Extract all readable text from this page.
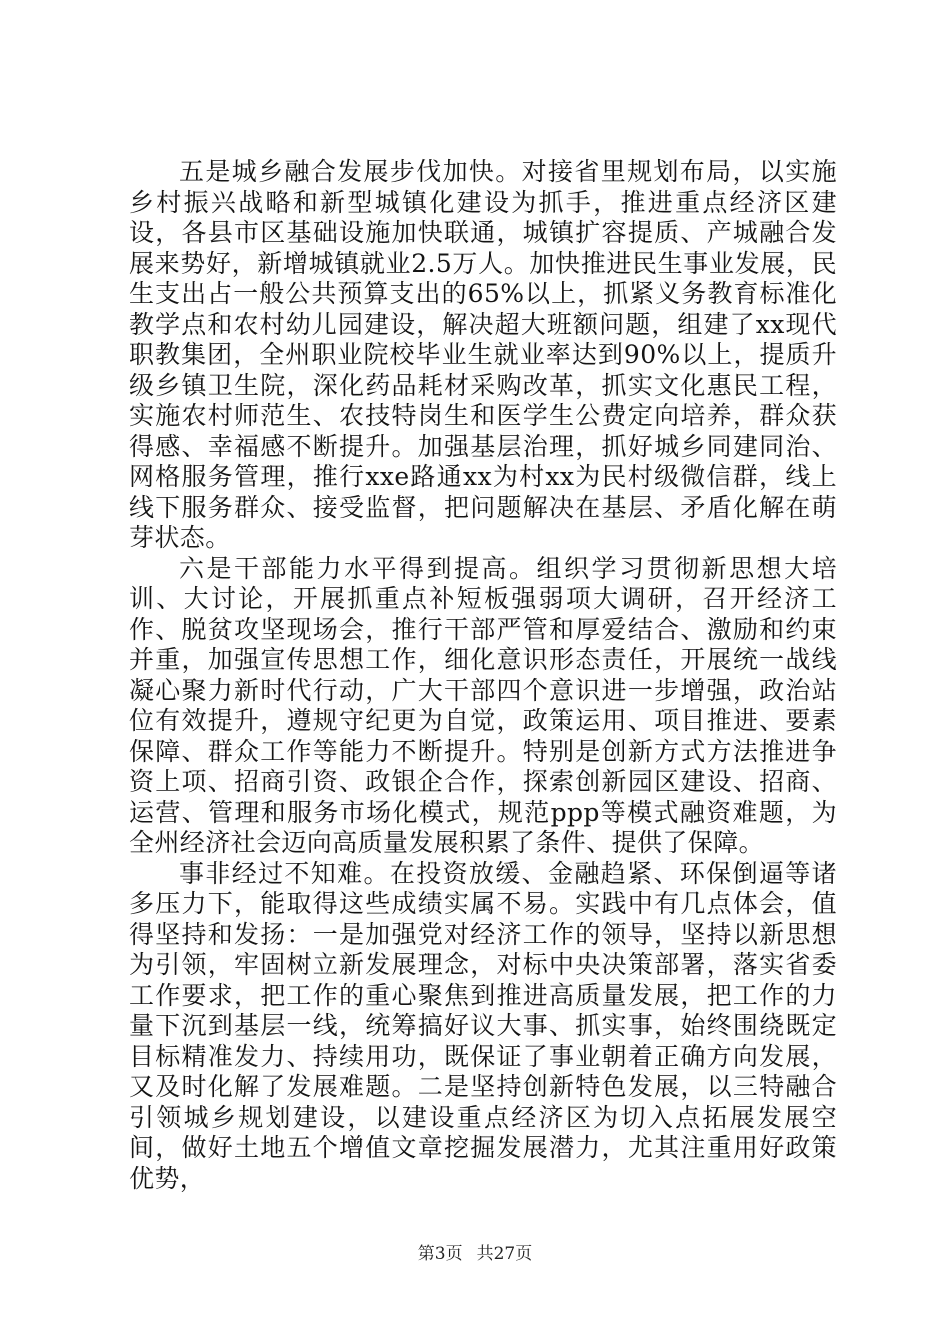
五是城乡融合发展步伐加快。对接省里规划布局，以实施乡村振兴战略和新型城镇化建设为抓手，推进重点经济区建设，各县市区基础设施加快联通，城镇扩容提质、产城融合发展来势好，新增城镇就业2.5万人。加快推进民生事业发展，民生支出占一般公共预算支出的65%以上，抓紧义务教育标准化教学点和农村幼儿园建设，解决超大班额问题，组建了xx现代职教集团，全州职业院校毕业生就业率达到90%以上，提质升级乡镇卫生院，深化药品耗材采购改革，抓实文化惠民工程，实施农村师范生、农技特岗生和医学生公费定向培养，群众获得感、幸福感不断提升。加强基层治理，抓好城乡同建同治、网格服务管理，推行xxe路通xx为村xx为民村级微信群，线上线下服务群众、接受监督，把问题解决在基层、矛盾化解在萌芽状态。

六是干部能力水平得到提高。组织学习贯彻新思想大培训、大讨论，开展抓重点补短板强弱项大调研，召开经济工作、脱贫攻坚现场会，推行干部严管和厚爱结合、激励和约束并重，加强宣传思想工作，细化意识形态责任，开展统一战线凝心聚力新时代行动，广大干部四个意识进一步增强，政治站位有效提升，遵规守纪更为自觉，政策运用、项目推进、要素保障、群众工作等能力不断提升。特别是创新方式方法推进争资上项、招商引资、政银企合作，探索创新园区建设、招商、运营、管理和服务市场化模式，规范ppp等模式融资难题，为全州经济社会迈向高质量发展积累了条件、提供了保障。

事非经过不知难。在投资放缓、金融趋紧、环保倒逼等诸多压力下，能取得这些成绩实属不易。实践中有几点体会，值得坚持和发扬：一是加强党对经济工作的领导，坚持以新思想为引领，牢固树立新发展理念，对标中央决策部署，落实省委工作要求，把工作的重心聚焦到推进高质量发展，把工作的力量下沉到基层一线，统筹搞好议大事、抓实事，始终围绕既定目标精准发力、持续用功，既保证了事业朝着正确方向发展，又及时化解了发展难题。二是坚持创新特色发展，以三特融合引领城乡规划建设，以建设重点经济区为切入点拓展发展空间，做好土地五个增值文章挖掘发展潜力，尤其注重用好政策优势，

第3页 共27页
